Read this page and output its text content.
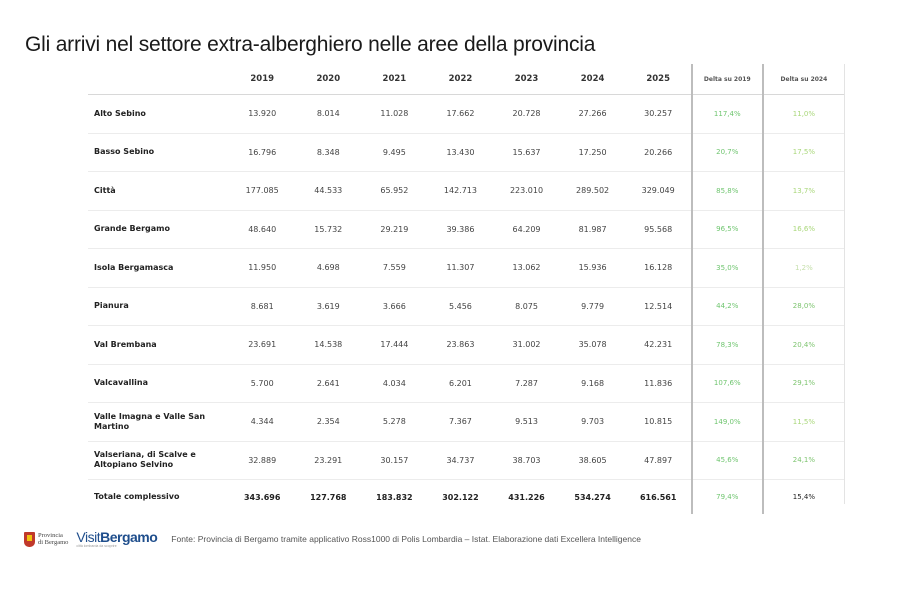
Gli arrivi nel settore extra-alberghiero nelle aree della provincia
	2019	2020	2021	2022	2023	2024	2025	Delta su 2019	Delta su 2024
Alto Sebino	13.920	8.014	11.028	17.662	20.728	27.266	30.257	117,4%	11,0%
Basso Sebino	16.796	8.348	9.495	13.430	15.637	17.250	20.266	20,7%	17,5%
Città	177.085	44.533	65.952	142.713	223.010	289.502	329.049	85,8%	13,7%
Grande Bergamo	48.640	15.732	29.219	39.386	64.209	81.987	95.568	96,5%	16,6%
Isola Bergamasca	11.950	4.698	7.559	11.307	13.062	15.936	16.128	35,0%	1,2%
Pianura	8.681	3.619	3.666	5.456	8.075	9.779	12.514	44,2%	28,0%
Val Brembana	23.691	14.538	17.444	23.863	31.002	35.078	42.231	78,3%	20,4%
Valcavallina	5.700	2.641	4.034	6.201	7.287	9.168	11.836	107,6%	29,1%
Valle Imagna e Valle San Martino	4.344	2.354	5.278	7.367	9.513	9.703	10.815	149,0%	11,5%
Valseriana, di Scalve e Altopiano Selvino	32.889	23.291	30.157	34.737	38.703	38.605	47.897	45,6%	24,1%
Totale complessivo	343.696	127.768	183.832	302.122	431.226	534.274	616.561	79,4%	15,4%
Provincia
di Bergamo VisitBergamo
città lombarda da scoprire
Fonte: Provincia di Bergamo tramite applicativo Ross1000 di Polis Lombardia – Istat. Elaborazione dati Excellera Intelligence
